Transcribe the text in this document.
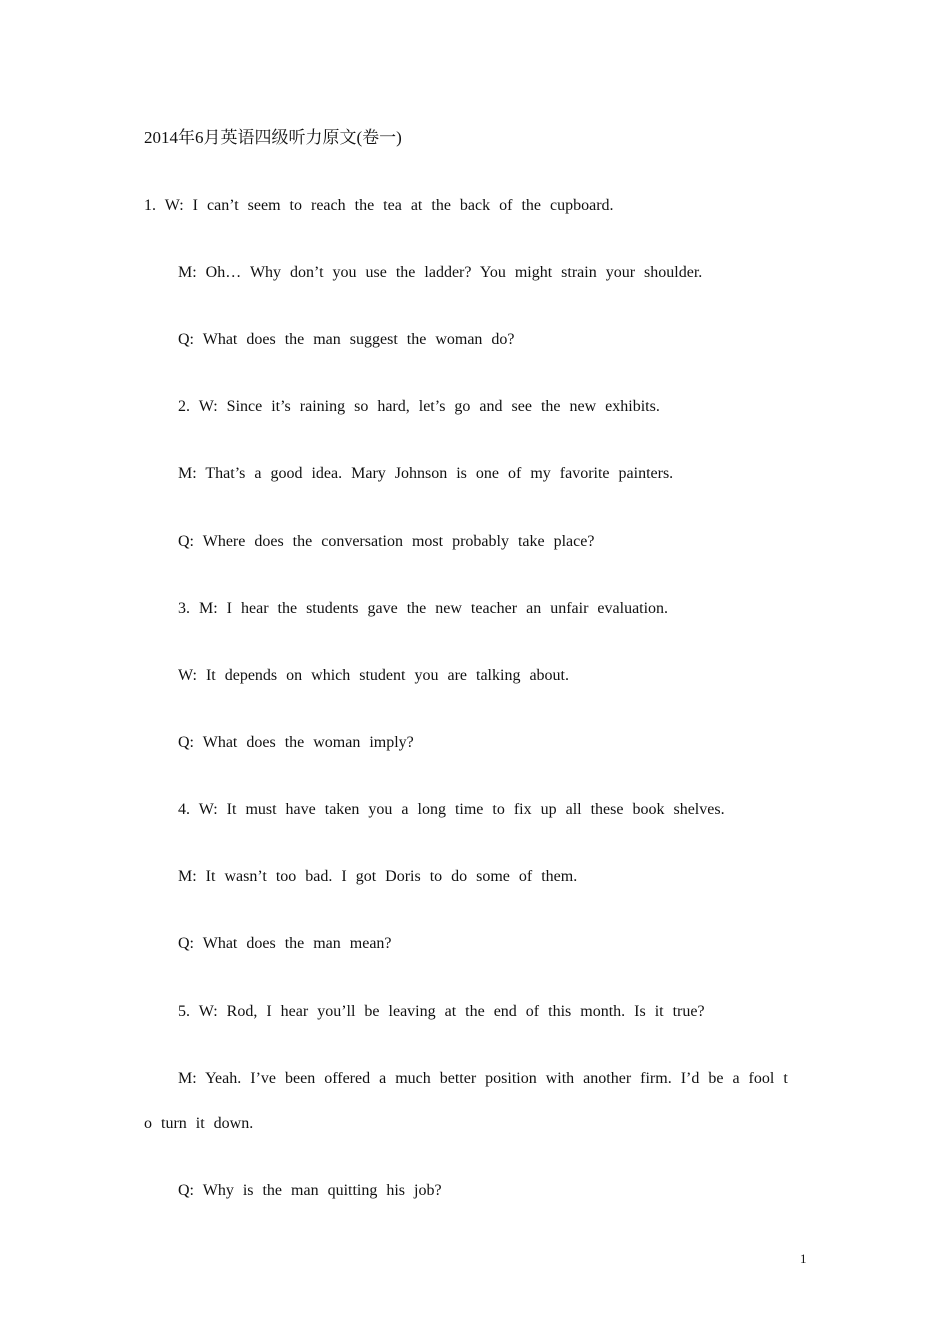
2014年6月英语四级听力原文(卷一)
1. W: I can’t seem to reach the tea at the back of the cupboard.
M: Oh… Why don’t you use the ladder? You might strain your shoulder.
Q: What does the man suggest the woman do?
2. W: Since it’s raining so hard, let’s go and see the new exhibits.
M: That’s a good idea. Mary Johnson is one of my favorite painters.
Q: Where does the conversation most probably take place?
3. M: I hear the students gave the new teacher an unfair evaluation.
W: It depends on which student you are talking about.
Q: What does the woman imply?
4. W: It must have taken you a long time to fix up all these book shelves.
M: It wasn’t too bad. I got Doris to do some of them.
Q: What does the man mean?
5. W: Rod, I hear you’ll be leaving at the end of this month. Is it true?
M: Yeah. I’ve been offered a much better position with another firm. I’d be a fool t
o turn it down.
Q: Why is the man quitting his job?
1
